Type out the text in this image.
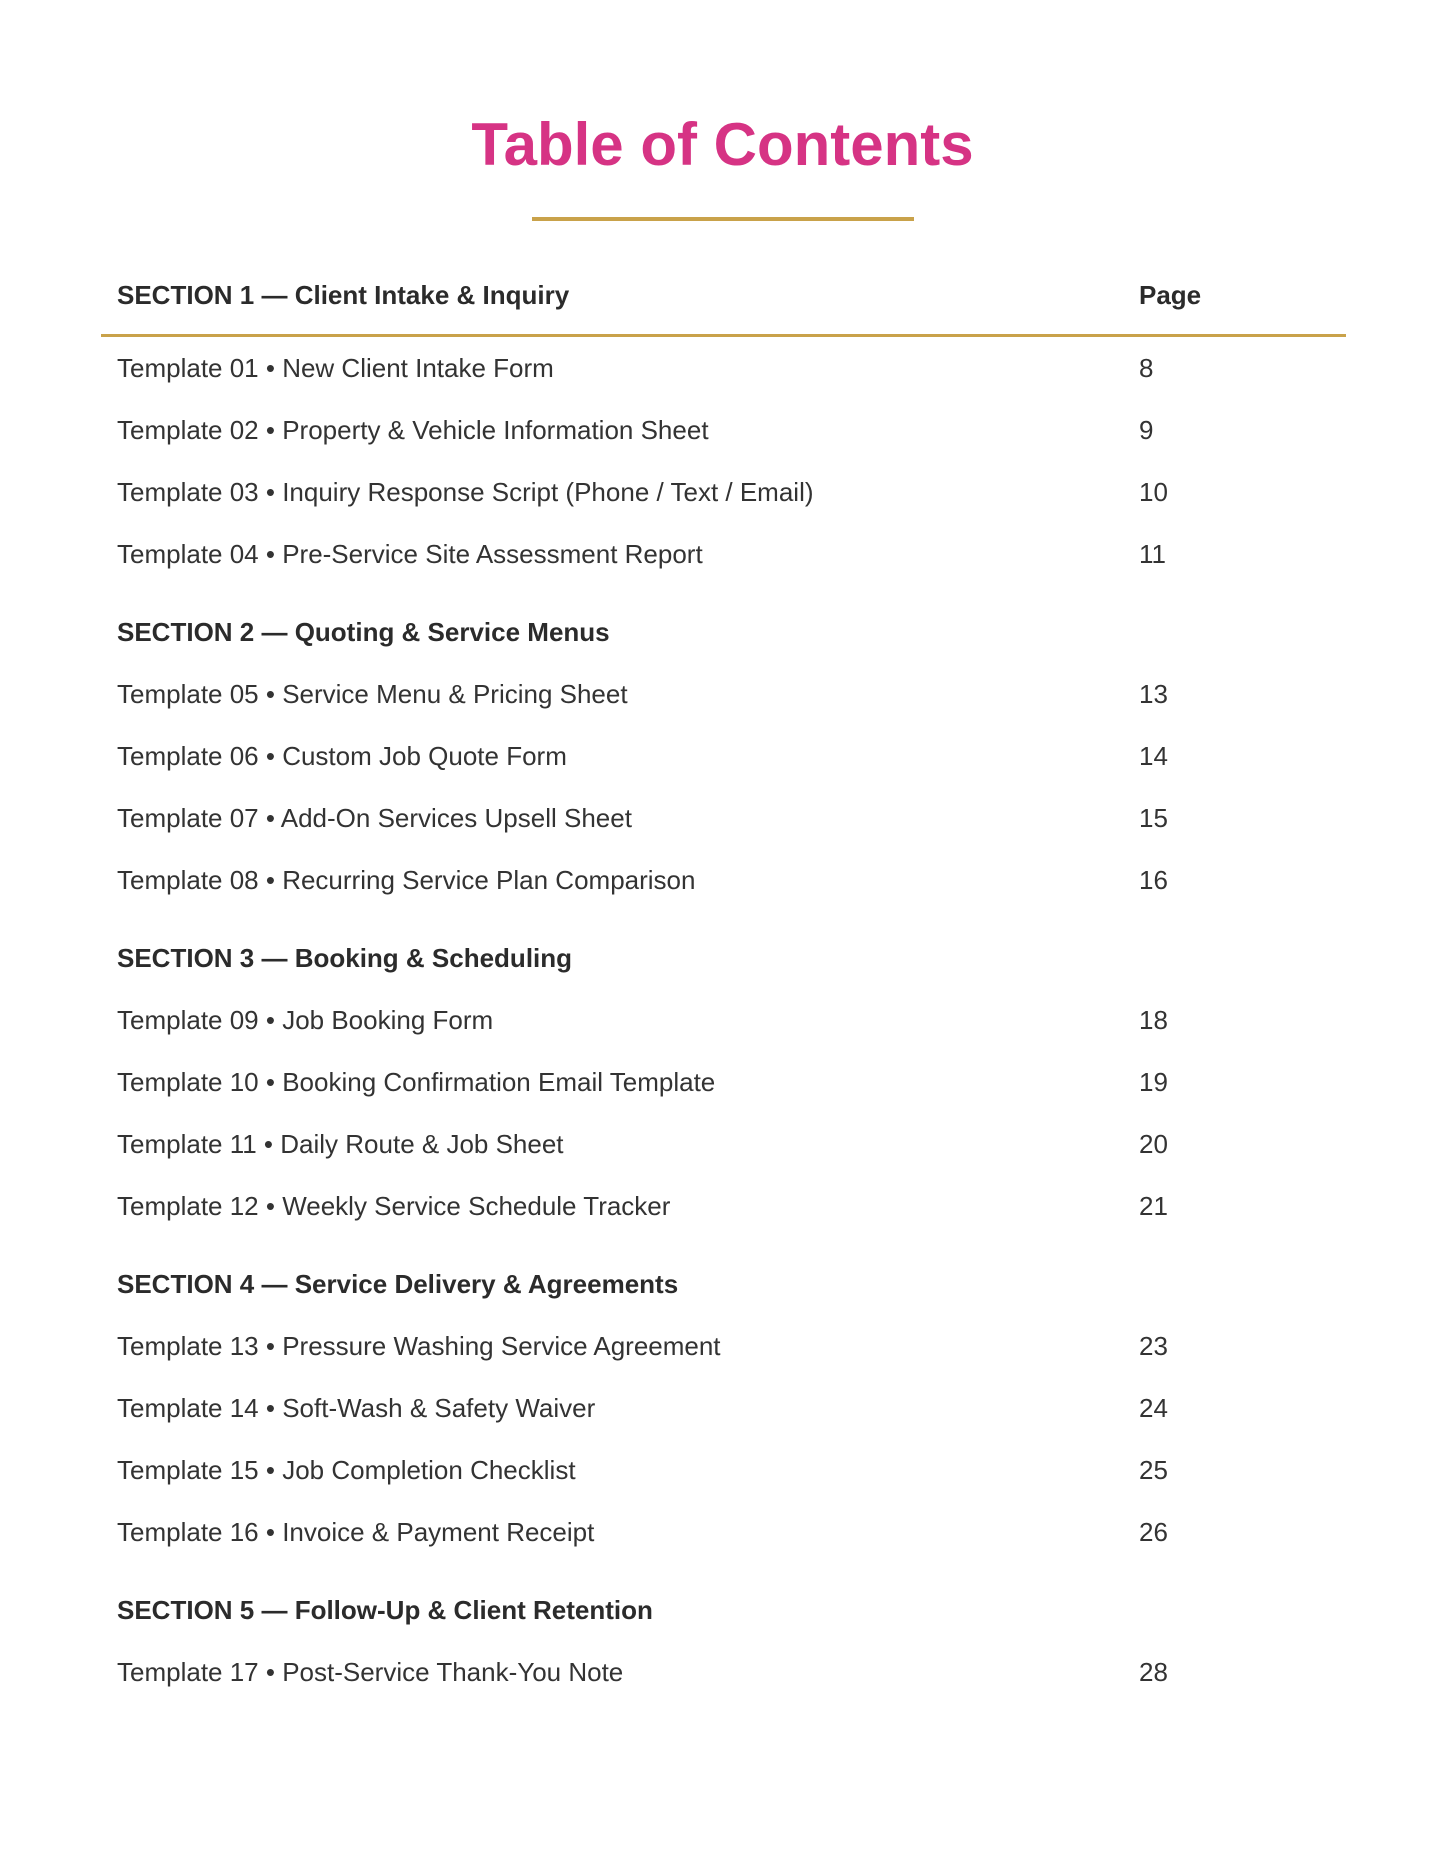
Table of Contents
SECTION 1 — Client Intake & Inquiry	Page
Template 01 • New Client Intake Form	8
Template 02 • Property & Vehicle Information Sheet	9
Template 03 • Inquiry Response Script (Phone / Text / Email)	10
Template 04 • Pre-Service Site Assessment Report	11
SECTION 2 — Quoting & Service Menus
Template 05 • Service Menu & Pricing Sheet	13
Template 06 • Custom Job Quote Form	14
Template 07 • Add-On Services Upsell Sheet	15
Template 08 • Recurring Service Plan Comparison	16
SECTION 3 — Booking & Scheduling
Template 09 • Job Booking Form	18
Template 10 • Booking Confirmation Email Template	19
Template 11 • Daily Route & Job Sheet	20
Template 12 • Weekly Service Schedule Tracker	21
SECTION 4 — Service Delivery & Agreements
Template 13 • Pressure Washing Service Agreement	23
Template 14 • Soft-Wash & Safety Waiver	24
Template 15 • Job Completion Checklist	25
Template 16 • Invoice & Payment Receipt	26
SECTION 5 — Follow-Up & Client Retention
Template 17 • Post-Service Thank-You Note	28
